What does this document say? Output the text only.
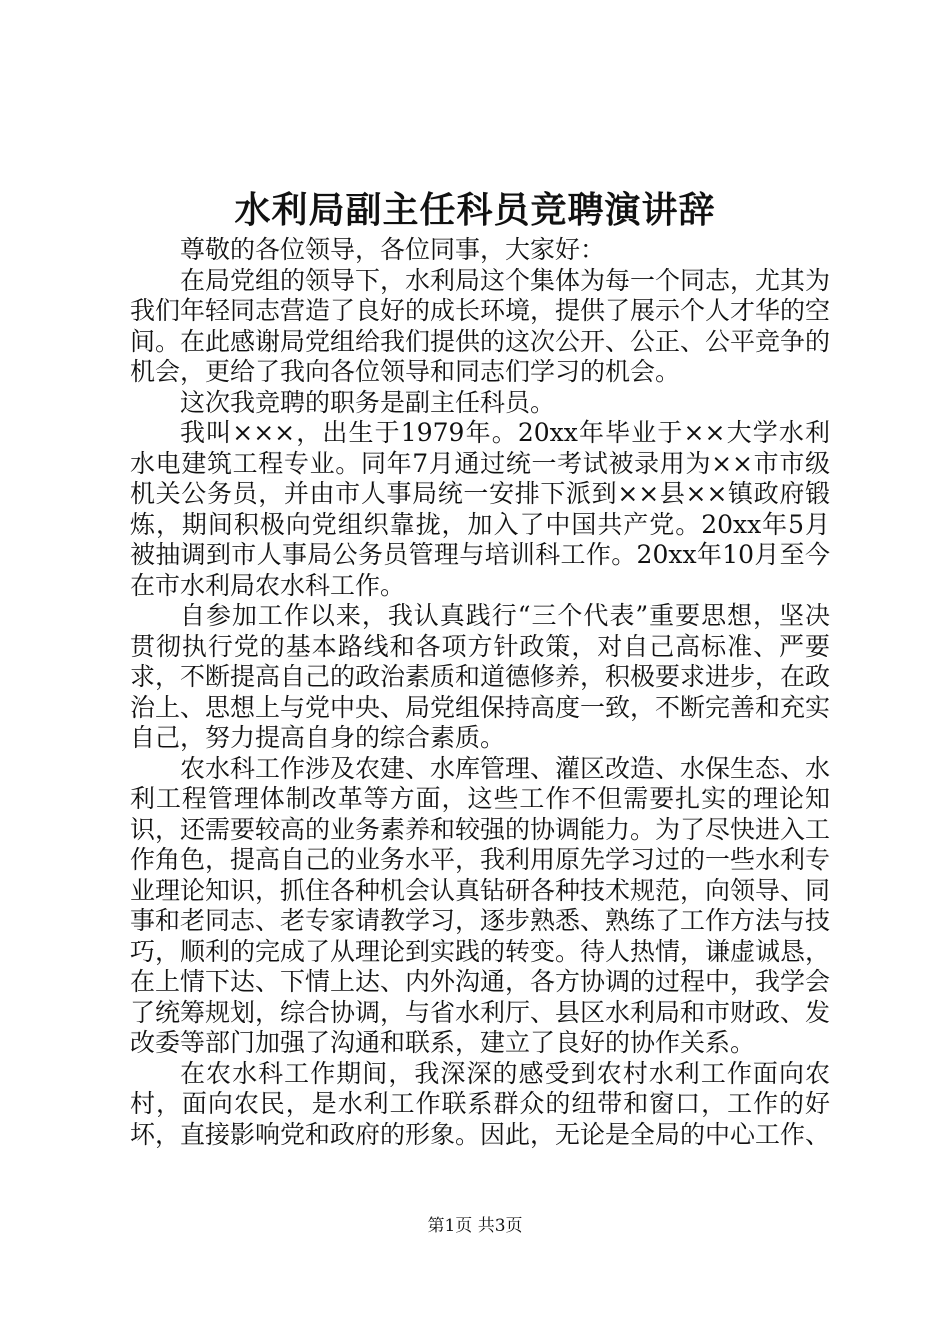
水利局副主任科员竞聘演讲辞

尊敬的各位领导，各位同事，大家好：

在局党组的领导下，水利局这个集体为每一个同志，尤其为我们年轻同志营造了良好的成长环境，提供了展示个人才华的空间。在此感谢局党组给我们提供的这次公开、公正、公平竞争的机会，更给了我向各位领导和同志们学习的机会。

这次我竞聘的职务是副主任科员。

我叫×××，出生于1979年。20xx年毕业于××大学水利水电建筑工程专业。同年7月通过统一考试被录用为××市市级机关公务员，并由市人事局统一安排下派到××县××镇政府锻炼，期间积极向党组织靠拢，加入了中国共产党。20xx年5月被抽调到市人事局公务员管理与培训科工作。20xx年10月至今在市水利局农水科工作。

自参加工作以来，我认真践行“三个代表”重要思想，坚决贯彻执行党的基本路线和各项方针政策，对自己高标准、严要求，不断提高自己的政治素质和道德修养，积极要求进步，在政治上、思想上与党中央、局党组保持高度一致，不断完善和充实自己，努力提高自身的综合素质。

农水科工作涉及农建、水库管理、灌区改造、水保生态、水利工程管理体制改革等方面，这些工作不但需要扎实的理论知识，还需要较高的业务素养和较强的协调能力。为了尽快进入工作角色，提高自己的业务水平，我利用原先学习过的一些水利专业理论知识，抓住各种机会认真钻研各种技术规范，向领导、同事和老同志、老专家请教学习，逐步熟悉、熟练了工作方法与技巧，顺利的完成了从理论到实践的转变。待人热情，谦虚诚恳，在上情下达、下情上达、内外沟通，各方协调的过程中，我学会了统筹规划，综合协调，与省水利厅、县区水利局和市财政、发改委等部门加强了沟通和联系，建立了良好的协作关系。

在农水科工作期间，我深深的感受到农村水利工作面向农村，面向农民，是水利工作联系群众的纽带和窗口，工作的好坏，直接影响党和政府的形象。因此，无论是全局的中心工作、

第1页 共3页
